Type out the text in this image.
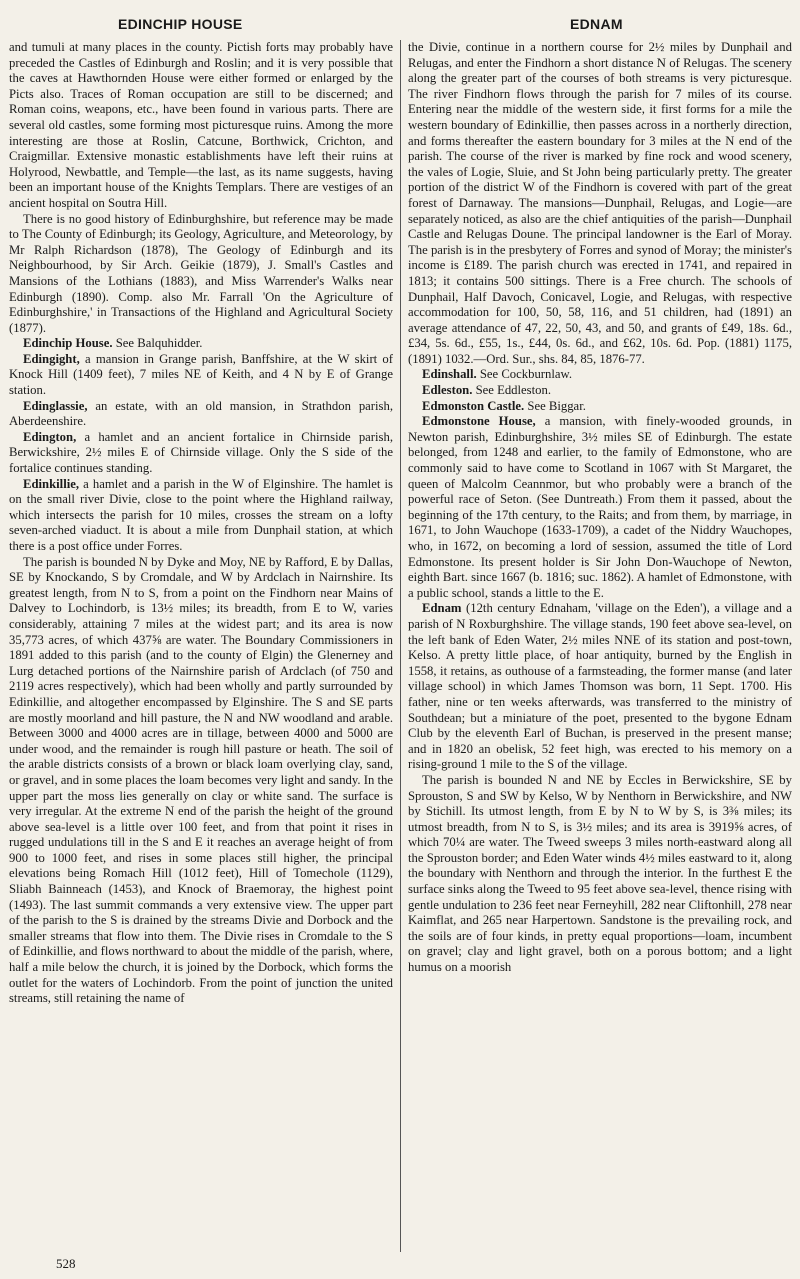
EDINCHIP HOUSE	EDNAM

and tumuli at many places in the county. Pictish forts may probably have preceded the Castles of Edinburgh and Roslin; and it is very possible that the caves at Hawthornden House were either formed or enlarged by the Picts also. Traces of Roman occupation are still to be discerned; and Roman coins, weapons, etc., have been found in various parts. There are several old castles, some forming most picturesque ruins. Among the more interesting are those at Roslin, Catcune, Borthwick, Crichton, and Craigmillar. Extensive monastic establishments have left their ruins at Holyrood, Newbattle, and Temple—the last, as its name suggests, having been an important house of the Knights Templars. There are vestiges of an ancient hospital on Soutra Hill.

There is no good history of Edinburghshire, but reference may be made to The County of Edinburgh; its Geology, Agriculture, and Meteorology, by Mr Ralph Richardson (1878), The Geology of Edinburgh and its Neighbourhood, by Sir Arch. Geikie (1879), J. Small's Castles and Mansions of the Lothians (1883), and Miss Warrender's Walks near Edinburgh (1890). Comp. also Mr. Farrall 'On the Agriculture of Edinburghshire,' in Transactions of the Highland and Agricultural Society (1877).

Edinchip House. See Balquhidder.

Edingight, a mansion in Grange parish, Banffshire, at the W skirt of Knock Hill (1409 feet), 7 miles NE of Keith, and 4 N by E of Grange station.

Edinglassie, an estate, with an old mansion, in Strathdon parish, Aberdeenshire.

Edington, a hamlet and an ancient fortalice in Chirnside parish, Berwickshire, 2½ miles E of Chirnside village. Only the S side of the fortalice continues standing.

Edinkillie, a hamlet and a parish in the W of Elginshire. The hamlet is on the small river Divie, close to the point where the Highland railway, which intersects the parish for 10 miles, crosses the stream on a lofty seven-arched viaduct. It is about a mile from Dunphail station, at which there is a post office under Forres.

The parish is bounded N by Dyke and Moy, NE by Rafford, E by Dallas, SE by Knockando, S by Cromdale, and W by Ardclach in Nairnshire. Its greatest length, from N to S, from a point on the Findhorn near Mains of Dalvey to Lochindorb, is 13½ miles; its breadth, from E to W, varies considerably, attaining 7 miles at the widest part; and its area is now 35,773 acres, of which 437⅝ are water. The Boundary Commissioners in 1891 added to this parish (and to the county of Elgin) the Glenerney and Lurg detached portions of the Nairnshire parish of Ardclach (of 750 and 2119 acres respectively), which had been wholly and partly surrounded by Edinkillie, and altogether encompassed by Elginshire. The S and SE parts are mostly moorland and hill pasture, the N and NW woodland and arable. Between 3000 and 4000 acres are in tillage, between 4000 and 5000 are under wood, and the remainder is rough hill pasture or heath. The soil of the arable districts consists of a brown or black loam overlying clay, sand, or gravel, and in some places the loam becomes very light and sandy. In the upper part the moss lies generally on clay or white sand. The surface is very irregular. At the extreme N end of the parish the height of the ground above sea-level is a little over 100 feet, and from that point it rises in rugged undulations till in the S and E it reaches an average height of from 900 to 1000 feet, and rises in some places still higher, the principal elevations being Romach Hill (1012 feet), Hill of Tomechole (1129), Sliabh Bainneach (1453), and Knock of Braemoray, the highest point (1493). The last summit commands a very extensive view. The upper part of the parish to the S is drained by the streams Divie and Dorbock and the smaller streams that flow into them. The Divie rises in Cromdale to the S of Edinkillie, and flows northward to about the middle of the parish, where, half a mile below the church, it is joined by the Dorbock, which forms the outlet for the waters of Lochindorb. From the point of junction the united streams, still retaining the name of

the Divie, continue in a northern course for 2½ miles by Dunphail and Relugas, and enter the Findhorn a short distance N of Relugas. The scenery along the greater part of the courses of both streams is very picturesque. The river Findhorn flows through the parish for 7 miles of its course. Entering near the middle of the western side, it first forms for a mile the western boundary of Edinkillie, then passes across in a northerly direction, and forms thereafter the eastern boundary for 3 miles at the N end of the parish. The course of the river is marked by fine rock and wood scenery, the vales of Logie, Sluie, and St John being particularly pretty. The greater portion of the district W of the Findhorn is covered with part of the great forest of Darnaway. The mansions—Dunphail, Relugas, and Logie—are separately noticed, as also are the chief antiquities of the parish—Dunphail Castle and Relugas Doune. The principal landowner is the Earl of Moray. The parish is in the presbytery of Forres and synod of Moray; the minister's income is £189. The parish church was erected in 1741, and repaired in 1813; it contains 500 sittings. There is a Free church. The schools of Dunphail, Half Davoch, Conicavel, Logie, and Relugas, with respective accommodation for 100, 50, 58, 116, and 51 children, had (1891) an average attendance of 47, 22, 50, 43, and 50, and grants of £49, 18s. 6d., £34, 5s. 6d., £55, 1s., £44, 0s. 6d., and £62, 10s. 6d. Pop. (1881) 1175, (1891) 1032.—Ord. Sur., shs. 84, 85, 1876-77.

Edinshall. See Cockburnlaw.

Edleston. See Eddleston.

Edmonston Castle. See Biggar.

Edmonstone House, a mansion, with finely-wooded grounds, in Newton parish, Edinburghshire, 3½ miles SE of Edinburgh. The estate belonged, from 1248 and earlier, to the family of Edmonstone, who are commonly said to have come to Scotland in 1067 with St Margaret, the queen of Malcolm Ceannmor, but who probably were a branch of the powerful race of Seton. (See Duntreath.) From them it passed, about the beginning of the 17th century, to the Raits; and from them, by marriage, in 1671, to John Wauchope (1633-1709), a cadet of the Niddry Wauchopes, who, in 1672, on becoming a lord of session, assumed the title of Lord Edmonstone. Its present holder is Sir John Don-Wauchope of Newton, eighth Bart. since 1667 (b. 1816; suc. 1862). A hamlet of Edmonstone, with a public school, stands a little to the E.

Ednam (12th century Ednaham, 'village on the Eden'), a village and a parish of N Roxburghshire. The village stands, 190 feet above sea-level, on the left bank of Eden Water, 2½ miles NNE of its station and post-town, Kelso. A pretty little place, of hoar antiquity, burned by the English in 1558, it retains, as outhouse of a farmsteading, the former manse (and later village school) in which James Thomson was born, 11 Sept. 1700. His father, nine or ten weeks afterwards, was transferred to the ministry of Southdean; but a miniature of the poet, presented to the bygone Ednam Club by the eleventh Earl of Buchan, is preserved in the present manse; and in 1820 an obelisk, 52 feet high, was erected to his memory on a rising-ground 1 mile to the S of the village.

The parish is bounded N and NE by Eccles in Berwickshire, SE by Sprouston, S and SW by Kelso, W by Nenthorn in Berwickshire, and NW by Stichill. Its utmost length, from E by N to W by S, is 3⅜ miles; its utmost breadth, from N to S, is 3½ miles; and its area is 3919⅝ acres, of which 70¼ are water. The Tweed sweeps 3 miles north-eastward along all the Sprouston border; and Eden Water winds 4½ miles eastward to it, along the boundary with Nenthorn and through the interior. In the furthest E the surface sinks along the Tweed to 95 feet above sea-level, thence rising with gentle undulation to 236 feet near Ferneyhill, 282 near Cliftonhill, 278 near Kaimflat, and 265 near Harpertown. Sandstone is the prevailing rock, and the soils are of four kinds, in pretty equal proportions—loam, incumbent on gravel; clay and light gravel, both on a porous bottom; and a light humus on a moorish

528
